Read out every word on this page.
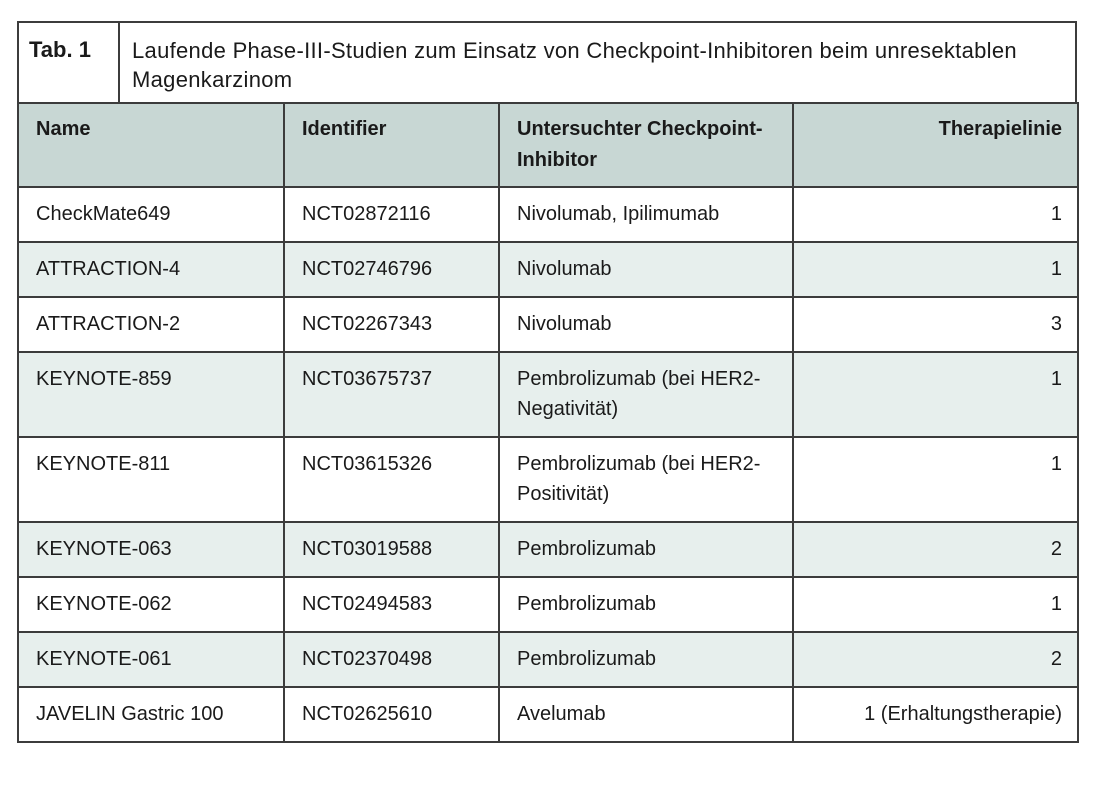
Tab. 1	Laufende Phase-III-Studien zum Einsatz von Checkpoint-Inhibitoren beim unresektablen Magenkarzinom
Name	Identifier	Untersuchter Checkpoint-Inhibitor	Therapielinie
CheckMate649	NCT02872116	Nivolumab, Ipilimumab	1
ATTRACTION-4	NCT02746796	Nivolumab	1
ATTRACTION-2	NCT02267343	Nivolumab	3
KEYNOTE-859	NCT03675737	Pembrolizumab (bei HER2-Negativität)	1
KEYNOTE-811	NCT03615326	Pembrolizumab (bei HER2-Positivität)	1
KEYNOTE-063	NCT03019588	Pembrolizumab	2
KEYNOTE-062	NCT02494583	Pembrolizumab	1
KEYNOTE-061	NCT02370498	Pembrolizumab	2
JAVELIN Gastric 100	NCT02625610	Avelumab	1 (Erhaltungstherapie)
